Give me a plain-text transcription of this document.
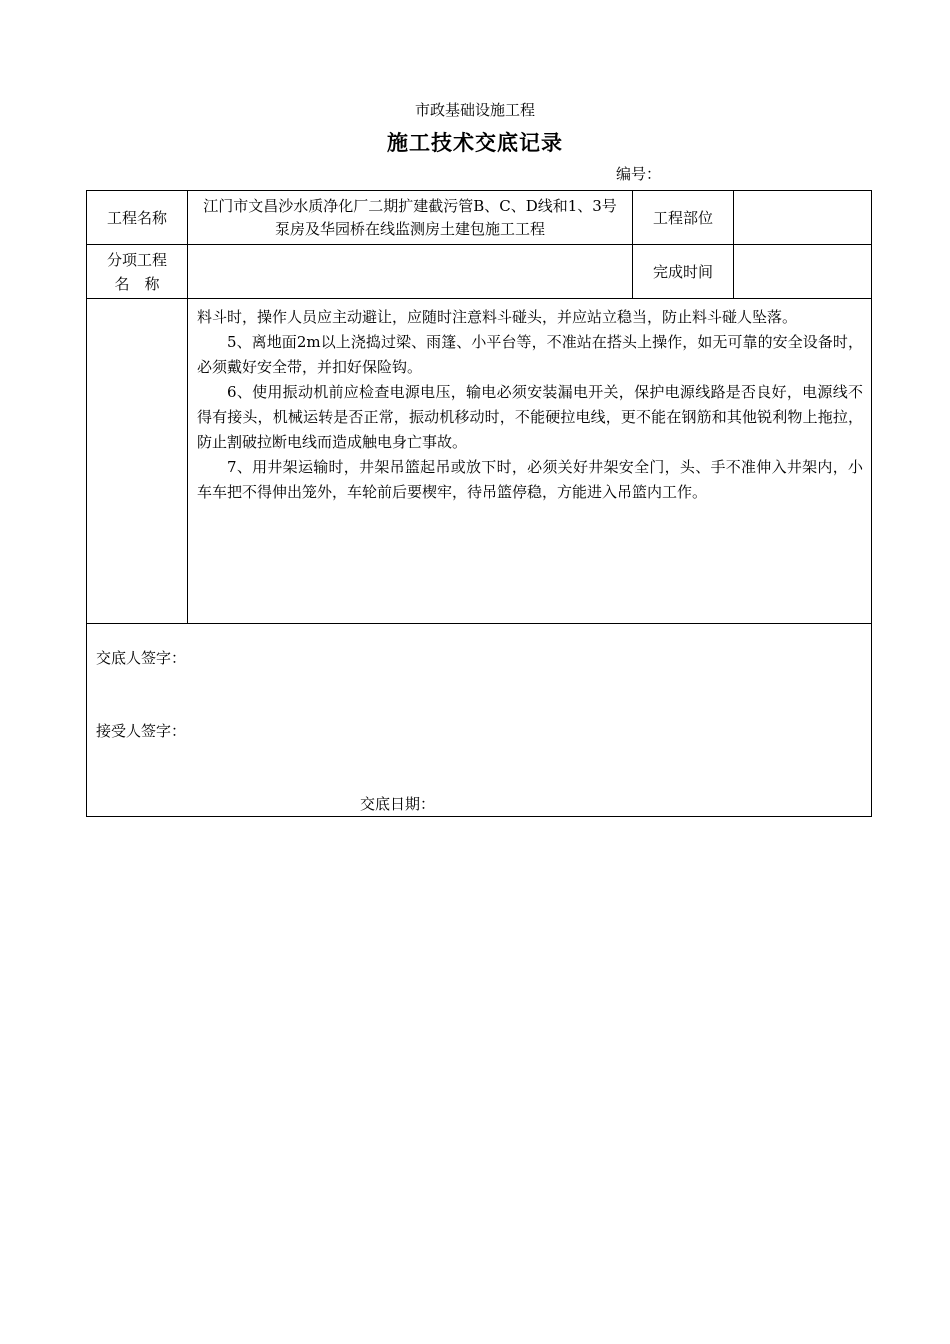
市政基础设施工程
施工技术交底记录
编号：
工程名称	江门市文昌沙水质净化厂二期扩建截污管B、C、D线和1、3号泵房及华园桥在线监测房土建包施工工程	工程部位	

分项工程
名　称		完成时间	

	料斗时，操作人员应主动避让，应随时注意料斗碰头，并应站立稳当，防止料斗碰人坠落。

5、离地面2m以上浇捣过梁、雨篷、小平台等，不准站在搭头上操作，如无可靠的安全设备时，必须戴好安全带，并扣好保险钩。

6、使用振动机前应检查电源电压，输电必须安装漏电开关，保护电源线路是否良好，电源线不得有接头，机械运转是否正常，振动机移动时，不能硬拉电线，更不能在钢筋和其他锐利物上拖拉，防止割破拉断电线而造成触电身亡事故。

7、用井架运输时，井架吊篮起吊或放下时，必须关好井架安全门，头、手不准伸入井架内，小车车把不得伸出笼外，车轮前后要楔牢，待吊篮停稳，方能进入吊篮内工作。		

交底人签字：
接受人签字：
交底日期：			
